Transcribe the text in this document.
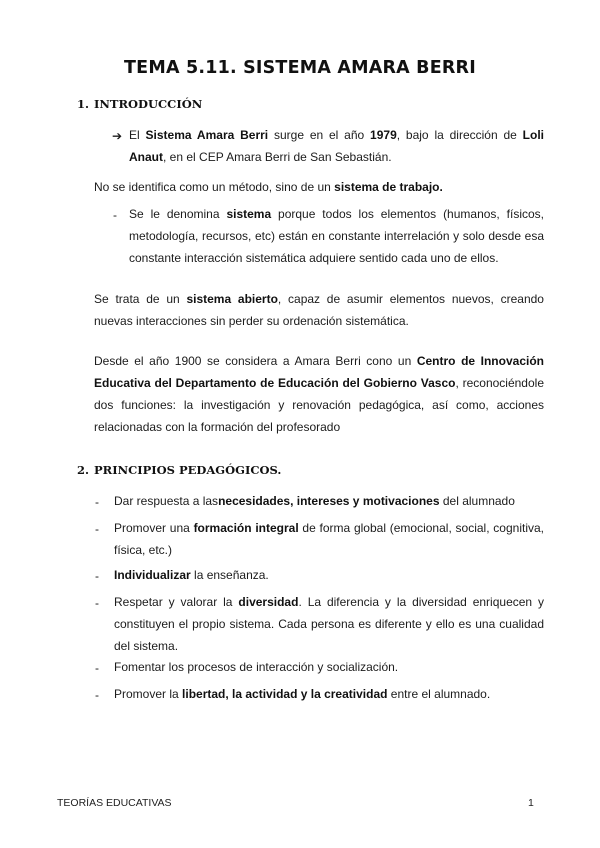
TEMA 5.11. SISTEMA AMARA BERRI
1. INTRODUCCIÓN
➔ El Sistema Amara Berri surge en el año 1979, bajo la dirección de Loli Anaut, en el CEP Amara Berri de San Sebastián.
No se identifica como un método, sino de un sistema de trabajo.
- Se le denomina sistema porque todos los elementos (humanos, físicos, metodología, recursos, etc) están en constante interrelación y solo desde esa constante interacción sistemática adquiere sentido cada uno de ellos.
Se trata de un sistema abierto, capaz de asumir elementos nuevos, creando nuevas interacciones sin perder su ordenación sistemática.
Desde el año 1900 se considera a Amara Berri cono un Centro de Innovación Educativa del Departamento de Educación del Gobierno Vasco, reconociéndole dos funciones: la investigación y renovación pedagógica, así como, acciones relacionadas con la formación del profesorado
2. PRINCIPIOS PEDAGÓGICOS.
- Dar respuesta a lasnecesidades, intereses y motivaciones del alumnado
- Promover una formación integral de forma global (emocional, social, cognitiva, física, etc.)
- Individualizar la enseñanza.
- Respetar y valorar la diversidad. La diferencia y la diversidad enriquecen y constituyen el propio sistema. Cada persona es diferente y ello es una cualidad del sistema.
- Fomentar los procesos de interacción y socialización.
- Promover la libertad, la actividad y la creatividad entre el alumnado.
TEORÍAS EDUCATIVAS	1
